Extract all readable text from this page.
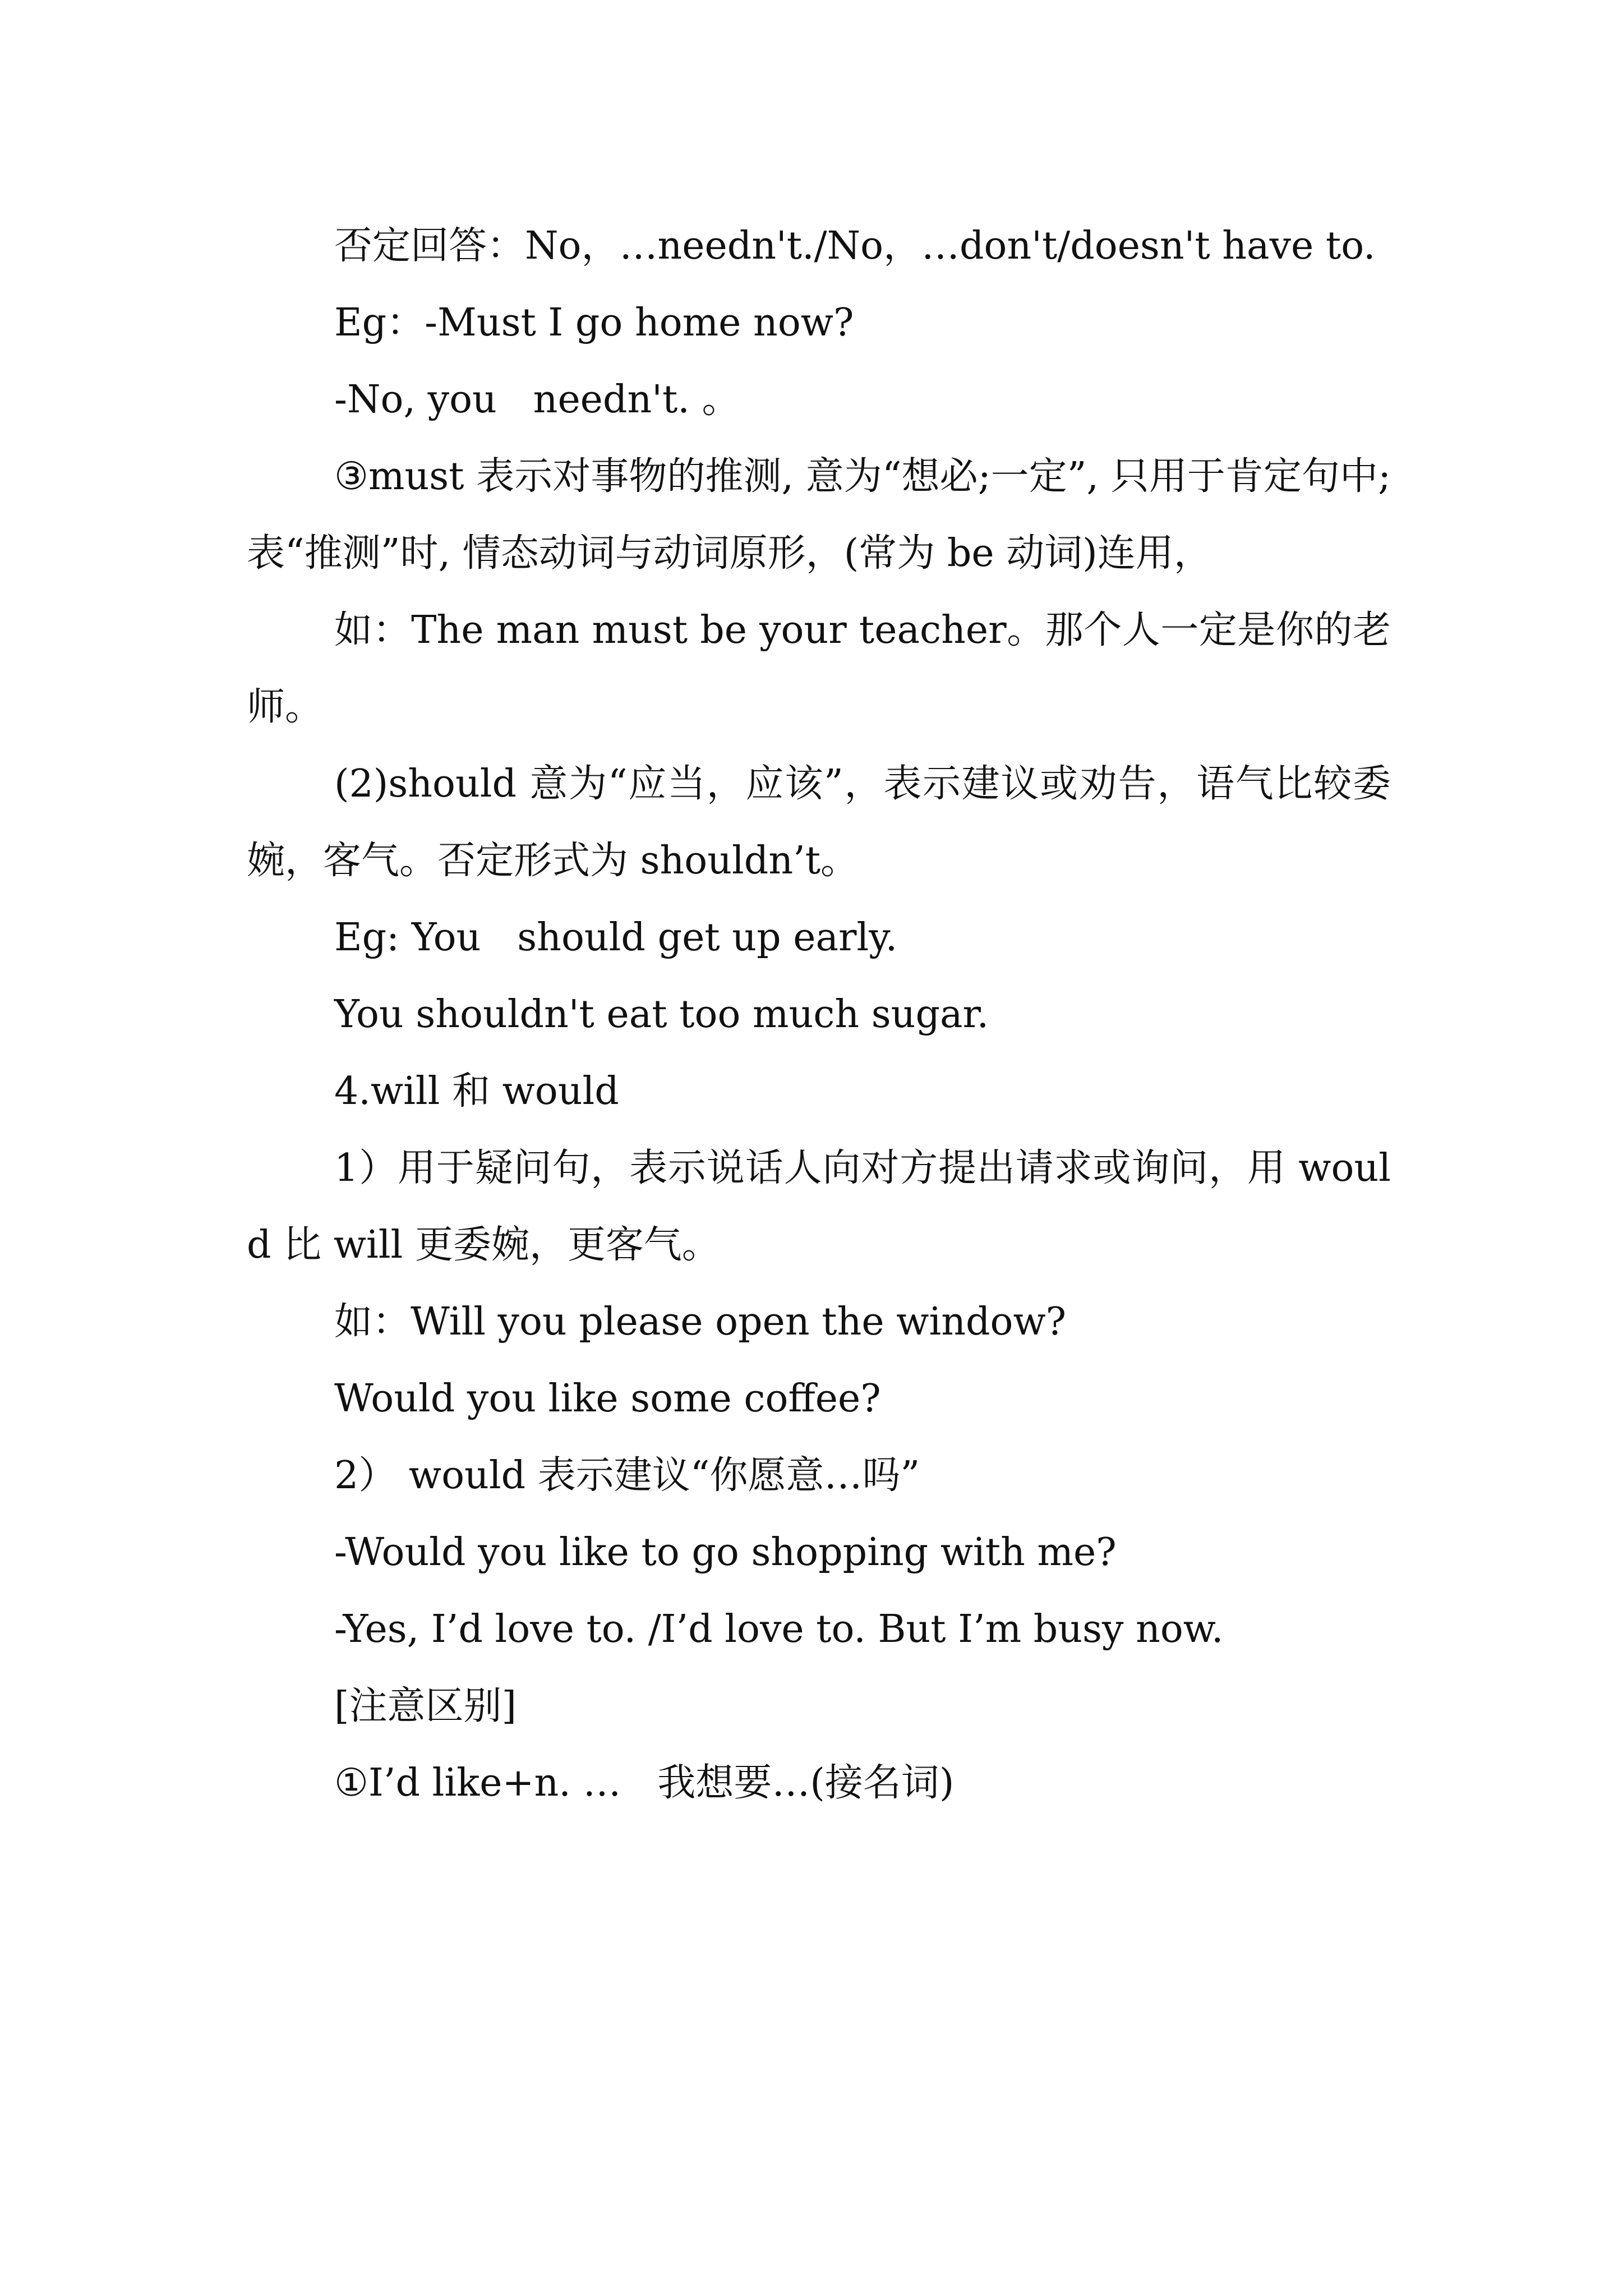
否定回答：No，…needn't./No，…don't/doesn't have to.

Eg：-Must I go home now?

-No, you   needn't. 。

③must 表示对事物的推测, 意为“想必;一定”, 只用于肯定句中;表“推测”时, 情态动词与动词原形，(常为 be 动词)连用，

如：The man must be your teacher。那个人一定是你的老师。

(2)should 意为“应当，应该”，表示建议或劝告，语气比较委婉，客气。否定形式为 shouldn’t。

Eg: You   should get up early.

You shouldn't eat too much sugar.

4.will 和 would

1）用于疑问句，表示说话人向对方提出请求或询问，用 would 比 will 更委婉，更客气。

如：Will you please open the window?

Would you like some coffee?

2） would 表示建议“你愿意…吗”

-Would you like to go shopping with me?

-Yes, I’d love to. /I’d love to. But I’m busy now.

[注意区别]

①I’d like+n. …   我想要…(接名词)
